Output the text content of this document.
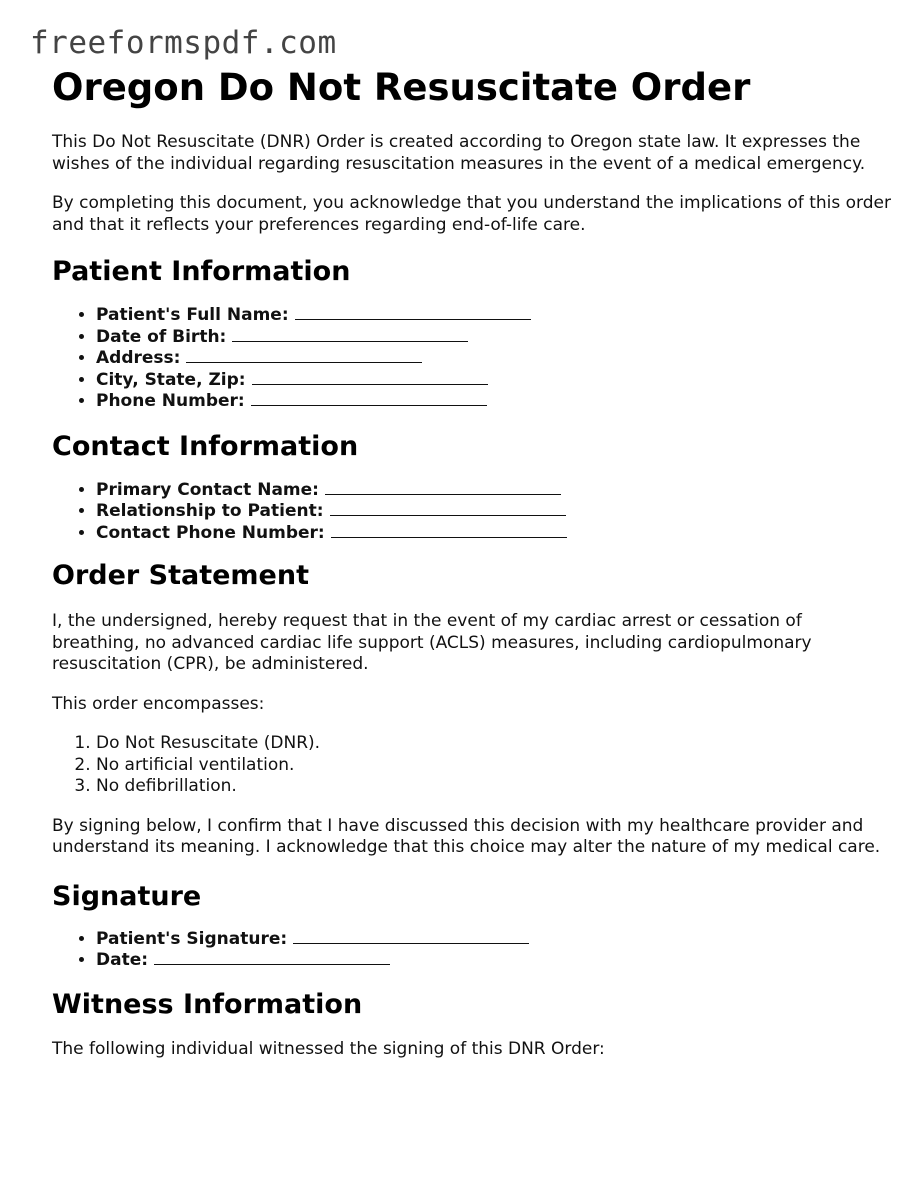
freeformspdf.com
Oregon Do Not Resuscitate Order

This Do Not Resuscitate (DNR) Order is created according to Oregon state law. It expresses the wishes of the individual regarding resuscitation measures in the event of a medical emergency.

By completing this document, you acknowledge that you understand the implications of this order and that it reflects your preferences regarding end-of-life care.

Patient Information
• Patient's Full Name:
• Date of Birth:
• Address:
• City, State, Zip:
• Phone Number:
Contact Information
• Primary Contact Name:
• Relationship to Patient:
• Contact Phone Number:
Order Statement

I, the undersigned, hereby request that in the event of my cardiac arrest or cessation of breathing, no advanced cardiac life support (ACLS) measures, including cardiopulmonary resuscitation (CPR), be administered.

This order encompasses:

1. Do Not Resuscitate (DNR).
2. No artificial ventilation.
3. No defibrillation.

By signing below, I confirm that I have discussed this decision with my healthcare provider and understand its meaning. I acknowledge that this choice may alter the nature of my medical care.

Signature
• Patient's Signature:
• Date:
Witness Information

The following individual witnessed the signing of this DNR Order:
